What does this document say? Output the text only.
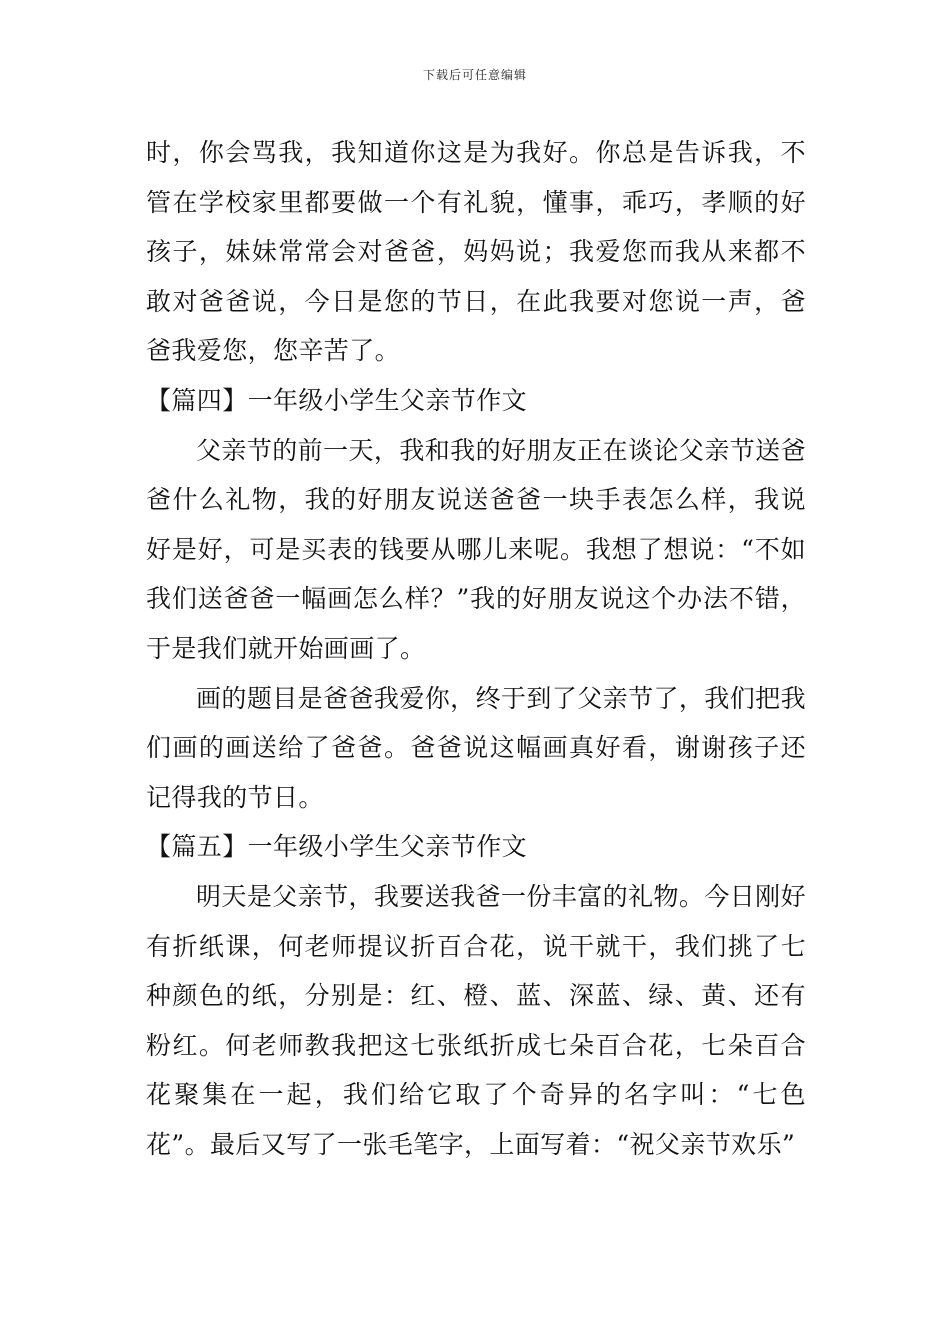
下载后可任意编辑

时，你会骂我，我知道你这是为我好。你总是告诉我，不管在学校家里都要做一个有礼貌，懂事，乖巧，孝顺的好孩子，妹妹常常会对爸爸，妈妈说；我爱您而我从来都不敢对爸爸说，今日是您的节日，在此我要对您说一声，爸爸我爱您，您辛苦了。

【篇四】一年级小学生父亲节作文

父亲节的前一天，我和我的好朋友正在谈论父亲节送爸爸什么礼物，我的好朋友说送爸爸一块手表怎么样，我说好是好，可是买表的钱要从哪儿来呢。我想了想说：“不如我们送爸爸一幅画怎么样？”我的好朋友说这个办法不错，于是我们就开始画画了。

画的题目是爸爸我爱你，终于到了父亲节了，我们把我们画的画送给了爸爸。爸爸说这幅画真好看，谢谢孩子还记得我的节日。

【篇五】一年级小学生父亲节作文

明天是父亲节，我要送我爸一份丰富的礼物。今日刚好有折纸课，何老师提议折百合花，说干就干，我们挑了七种颜色的纸，分别是：红、橙、蓝、深蓝、绿、黄、还有粉红。何老师教我把这七张纸折成七朵百合花，七朵百合花聚集在一起，我们给它取了个奇异的名字叫：“七色花”。最后又写了一张毛笔字，上面写着：“祝父亲节欢乐”
